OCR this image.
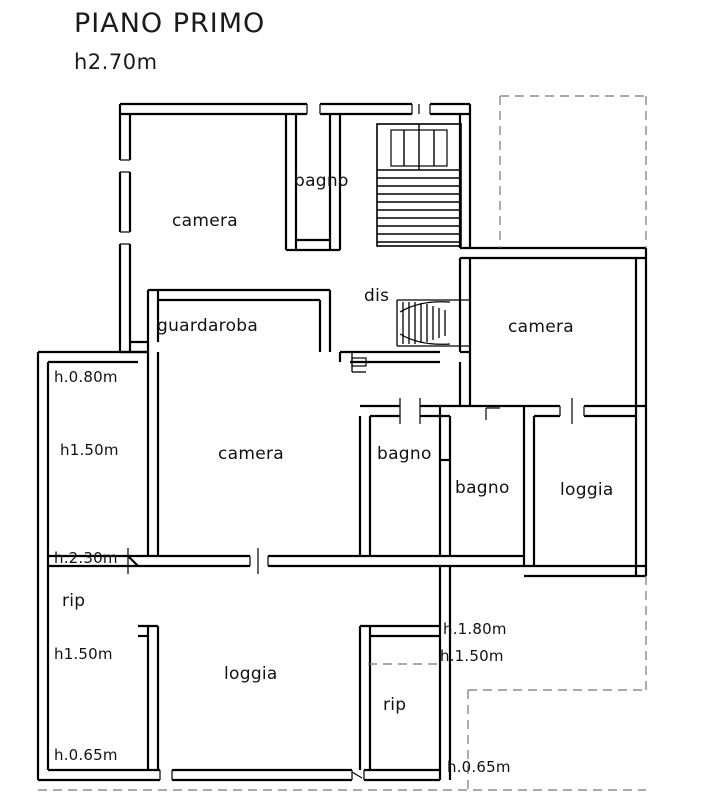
PIANO PRIMO
h2.70m
camera
bagno
guardaroba
dis
camera
camera	bagno
bagno	loggia
rip
loggia
rip
h.0.80m
h1.50m
h.2.30m
h1.50m
h.0.65m
h.1.80m
h.1.50m
h.0.65m
